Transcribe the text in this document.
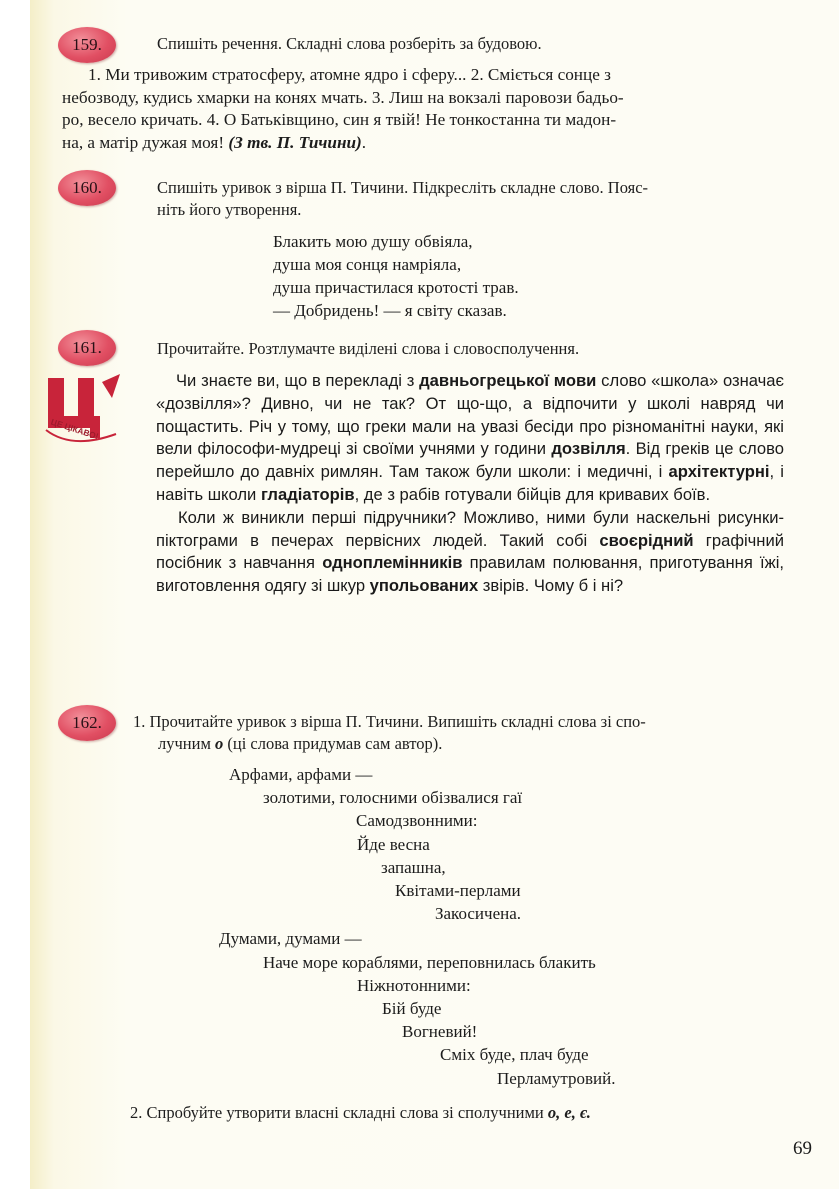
159.	Спишіть речення. Складні слова розберіть за будовою.
1. Ми тривожим стратосферу, атомне ядро і сферу... 2. Сміється сонце з
небозводу, кудись хмарки на конях мчать. 3. Лиш на вокзалі паровози бадьо-
ро, весело кричать. 4. О Батьківщино, син я твій! Не тонкостанна ти мадон-
на, а матір дужая моя! (З тв. П. Тичини).
160.	Спишіть уривок з вірша П. Тичини. Підкресліть складне слово. Пояс-
ніть його утворення.
Блакить мою душу обвіяла,
душа моя сонця намріяла,
душа причастилася кротості трав.
— Добридень! — я світу сказав.
161.	Прочитайте. Розтлумачте виділені слова і словосполучення.
ЦЕ ЦІКАВО!

Чи знаєте ви, що в перекладі з давньогрецької мови слово «школа» означає «дозвілля»? Дивно, чи не так? От що-що, а відпочити у школі навряд чи пощастить. Річ у тому, що греки мали на увазі бесіди про різноманітні науки, які вели філософи-мудреці зі своїми учнями у години дозвілля. Від греків це слово перейшло до давніх римлян. Там також були школи: і медичні, і архітектурні, і навіть школи гладіаторів, де з рабів готували бійців для кривавих боїв.

Коли ж виникли перші підручники? Можливо, ними були наскельні рисунки-піктограми в печерах первісних людей. Такий собі своєрідний графічний посібник з навчання одноплемінників правилам полювання, приготування їжі, виготовлення одягу зі шкур упольованих звірів. Чому б і ні?

162.	1. Прочитайте уривок з вірша П. Тичини. Випишіть складні слова зі спо-
лучним о (ці слова придумав сам автор).
Арфами, арфами —
золотими, голосними обізвалися гаї
Самодзвонними:
Йде весна
запашна,
Квітами-перлами
Закосичена.
Думами, думами —
Наче море кораблями, переповнилась блакить
Ніжнотонними:
Бій буде
Вогневий!
Сміх буде, плач буде
Перламутровий.
2. Спробуйте утворити власні складні слова зі сполучними о, е, є.
69
